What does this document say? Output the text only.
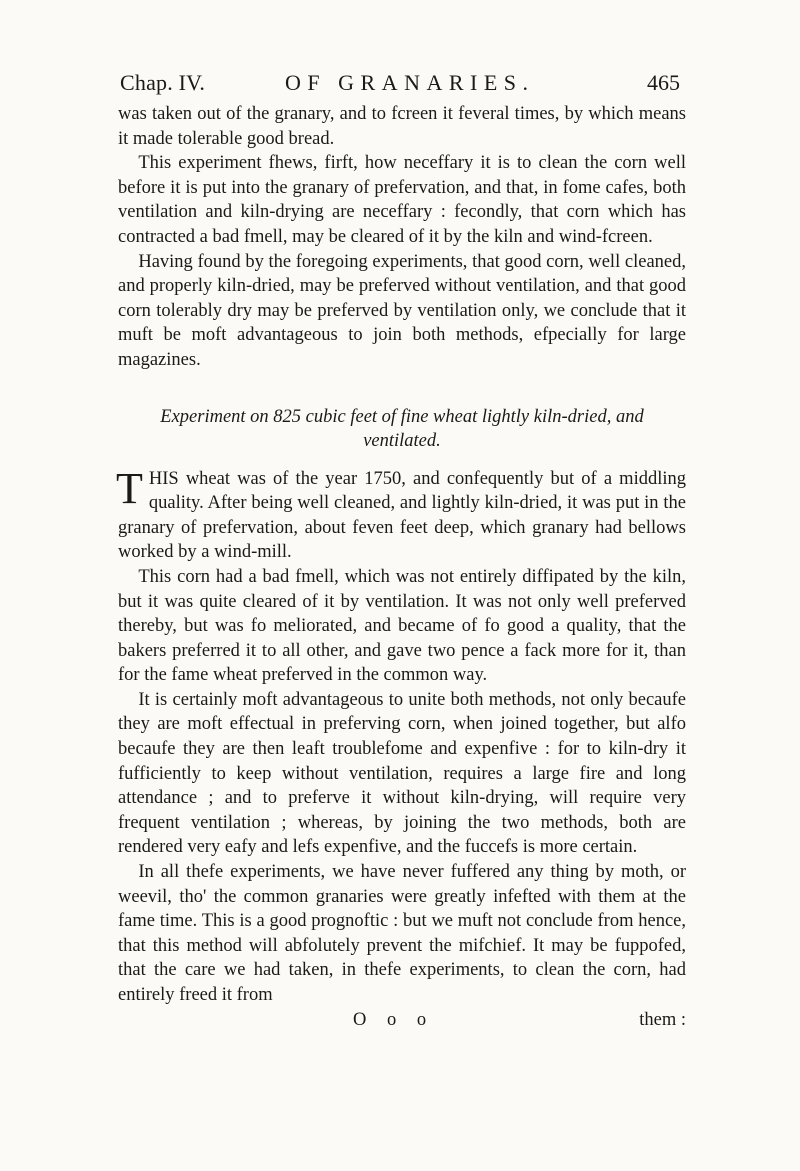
Chap. IV.	OF GRANARIES.	465

was taken out of the granary, and to fcreen it feveral times, by which means it made tolerable good bread.

This experiment fhews, firft, how neceffary it is to clean the corn well before it is put into the granary of prefervation, and that, in fome cafes, both ventilation and kiln-drying are neceffary : fecondly, that corn which has contracted a bad fmell, may be cleared of it by the kiln and wind-fcreen.

Having found by the foregoing experiments, that good corn, well cleaned, and properly kiln-dried, may be preferved without ventilation, and that good corn tolerably dry may be preferved by ventilation only, we conclude that it muft be moft advantageous to join both methods, efpecially for large magazines.

Experiment on 825 cubic feet of fine wheat lightly kiln-dried, and ventilated.

THIS wheat was of the year 1750, and confequently but of a middling quality. After being well cleaned, and lightly kiln-dried, it was put in the granary of prefervation, about feven feet deep, which granary had bellows worked by a wind-mill.

This corn had a bad fmell, which was not entirely diffipated by the kiln, but it was quite cleared of it by ventilation. It was not only well preferved thereby, but was fo meliorated, and became of fo good a quality, that the bakers preferred it to all other, and gave two pence a fack more for it, than for the fame wheat preferved in the common way.

It is certainly moft advantageous to unite both methods, not only becaufe they are moft effectual in preferving corn, when joined together, but alfo becaufe they are then leaft troublefome and expenfive : for to kiln-dry it fufficiently to keep without ventilation, requires a large fire and long attendance ; and to preferve it without kiln-drying, will require very frequent ventilation ; whereas, by joining the two methods, both are rendered very eafy and lefs expenfive, and the fuccefs is more certain.

In all thefe experiments, we have never fuffered any thing by moth, or weevil, tho' the common granaries were greatly infefted with them at the fame time. This is a good prognoftic : but we muft not conclude from hence, that this method will abfolutely prevent the mifchief. It may be fuppofed, that the care we had taken, in thefe experiments, to clean the corn, had entirely freed it from

O o o	them :
